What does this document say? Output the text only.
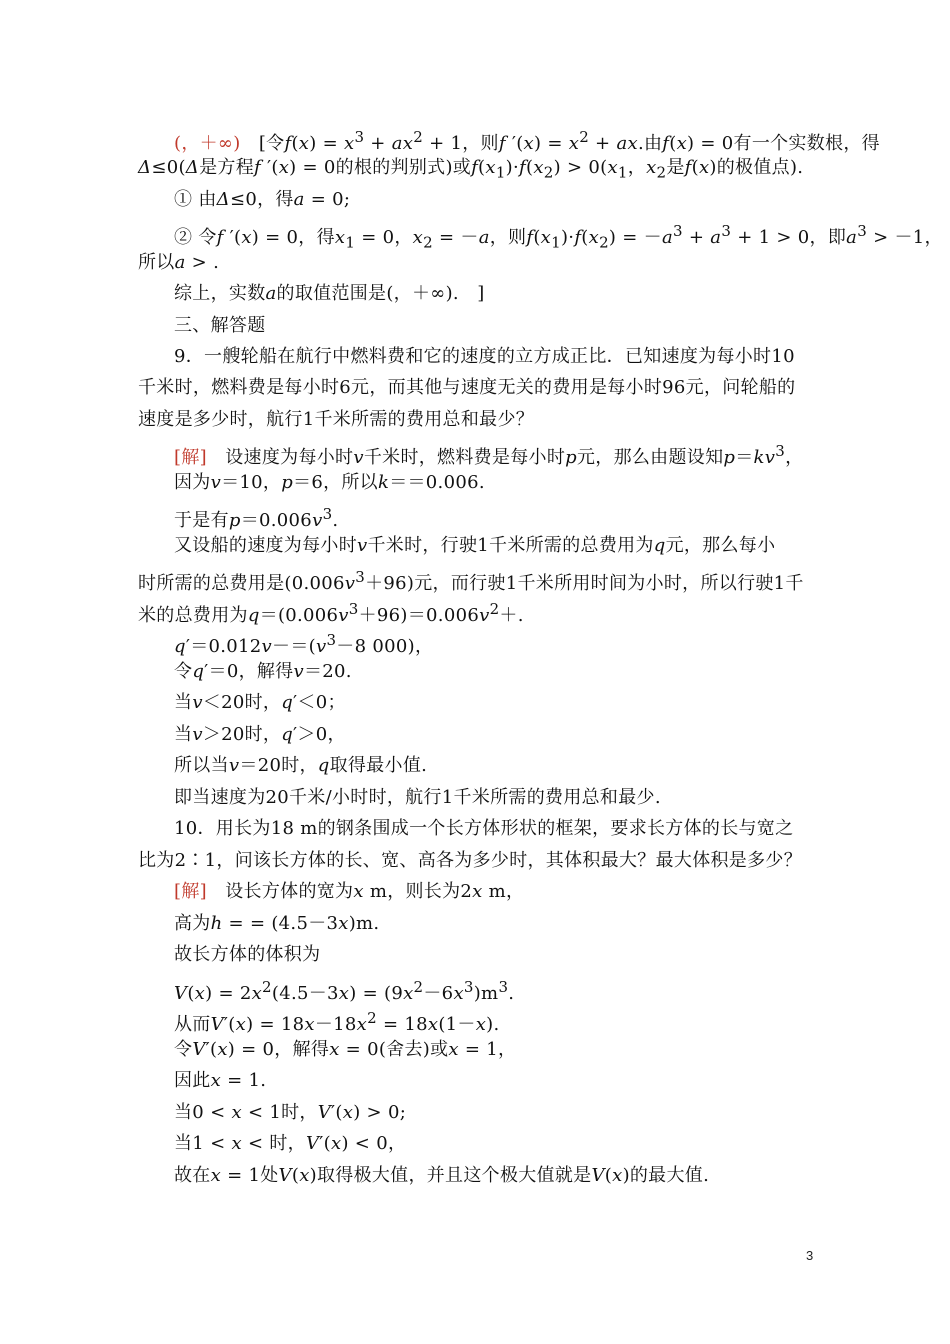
(，＋∞)　[令$f(x) = x^3 + ax^2 + 1$，则f $'(x) = x^2$ + ax.由f(x) = 0有一个实数根，得
Δ≤0(Δ是方程f ′(x) = 0的根的判别式)或$f(x_1)\cdot f(x_2) > 0(x_1$，$x_2$是f(x)的极值点).
① 由Δ≤0，得a = 0;
② 令f ′(x) = 0，得$x_1 = 0$，$x_2 = -a$，则$f(x_1)\cdot f(x_2) = -a^3 + a^3 + 1 > 0$，即$a^3 > -1$，
所以a > .
综上，实数a的取值范围是(，＋∞).　]
三、解答题
9．一艘轮船在航行中燃料费和它的速度的立方成正比．已知速度为每小时10
千米时，燃料费是每小时6元，而其他与速度无关的费用是每小时96元，问轮船的
速度是多少时，航行1千米所需的费用总和最少？
[解]　设速度为每小时v千米时，燃料费是每小时p元，那么由题设知$p=kv^3$，
因为v＝10，p＝6，所以k＝＝0.006.
于是有$p=0.006v^3$.
又设船的速度为每小时v千米时，行驶1千米所需的总费用为q元，那么每小
时所需的总费用是$(0.006v^3+96)$元，而行驶1千米所用时间为小时，所以行驶1千
米的总费用为$q=(0.006v^3+96)=0.006v^2+$.
$q'=0.012v-=(v^3-8$ 000)，
令q′＝0，解得v＝20.
当v＜20时，q′＜0；
当v＞20时，q′＞0，
所以当v＝20时，q取得最小值.
即当速度为20千米/小时时，航行1千米所需的费用总和最少.
10．用长为18 m的钢条围成一个长方体形状的框架，要求长方体的长与宽之
比为2∶1，问该长方体的长、宽、高各为多少时，其体积最大？最大体积是多少？
[解]　设长方体的宽为x m，则长为2x m，
高为h = = (4.5－3x)m.
故长方体的体积为
$V(x) = 2x^2(4.5-3x) = (9x^2-6x^3)m^3$.
从而$V'(x) = 18x-18x^2 = 18x(1-x)$.
令V′(x) = 0，解得x = 0(舍去)或x = 1，
因此x = 1.
当0 < x < 1时，V′(x) > 0;
当1 < x < 时，V′(x) < 0，
故在x = 1处V(x)取得极大值，并且这个极大值就是V(x)的最大值.
3
